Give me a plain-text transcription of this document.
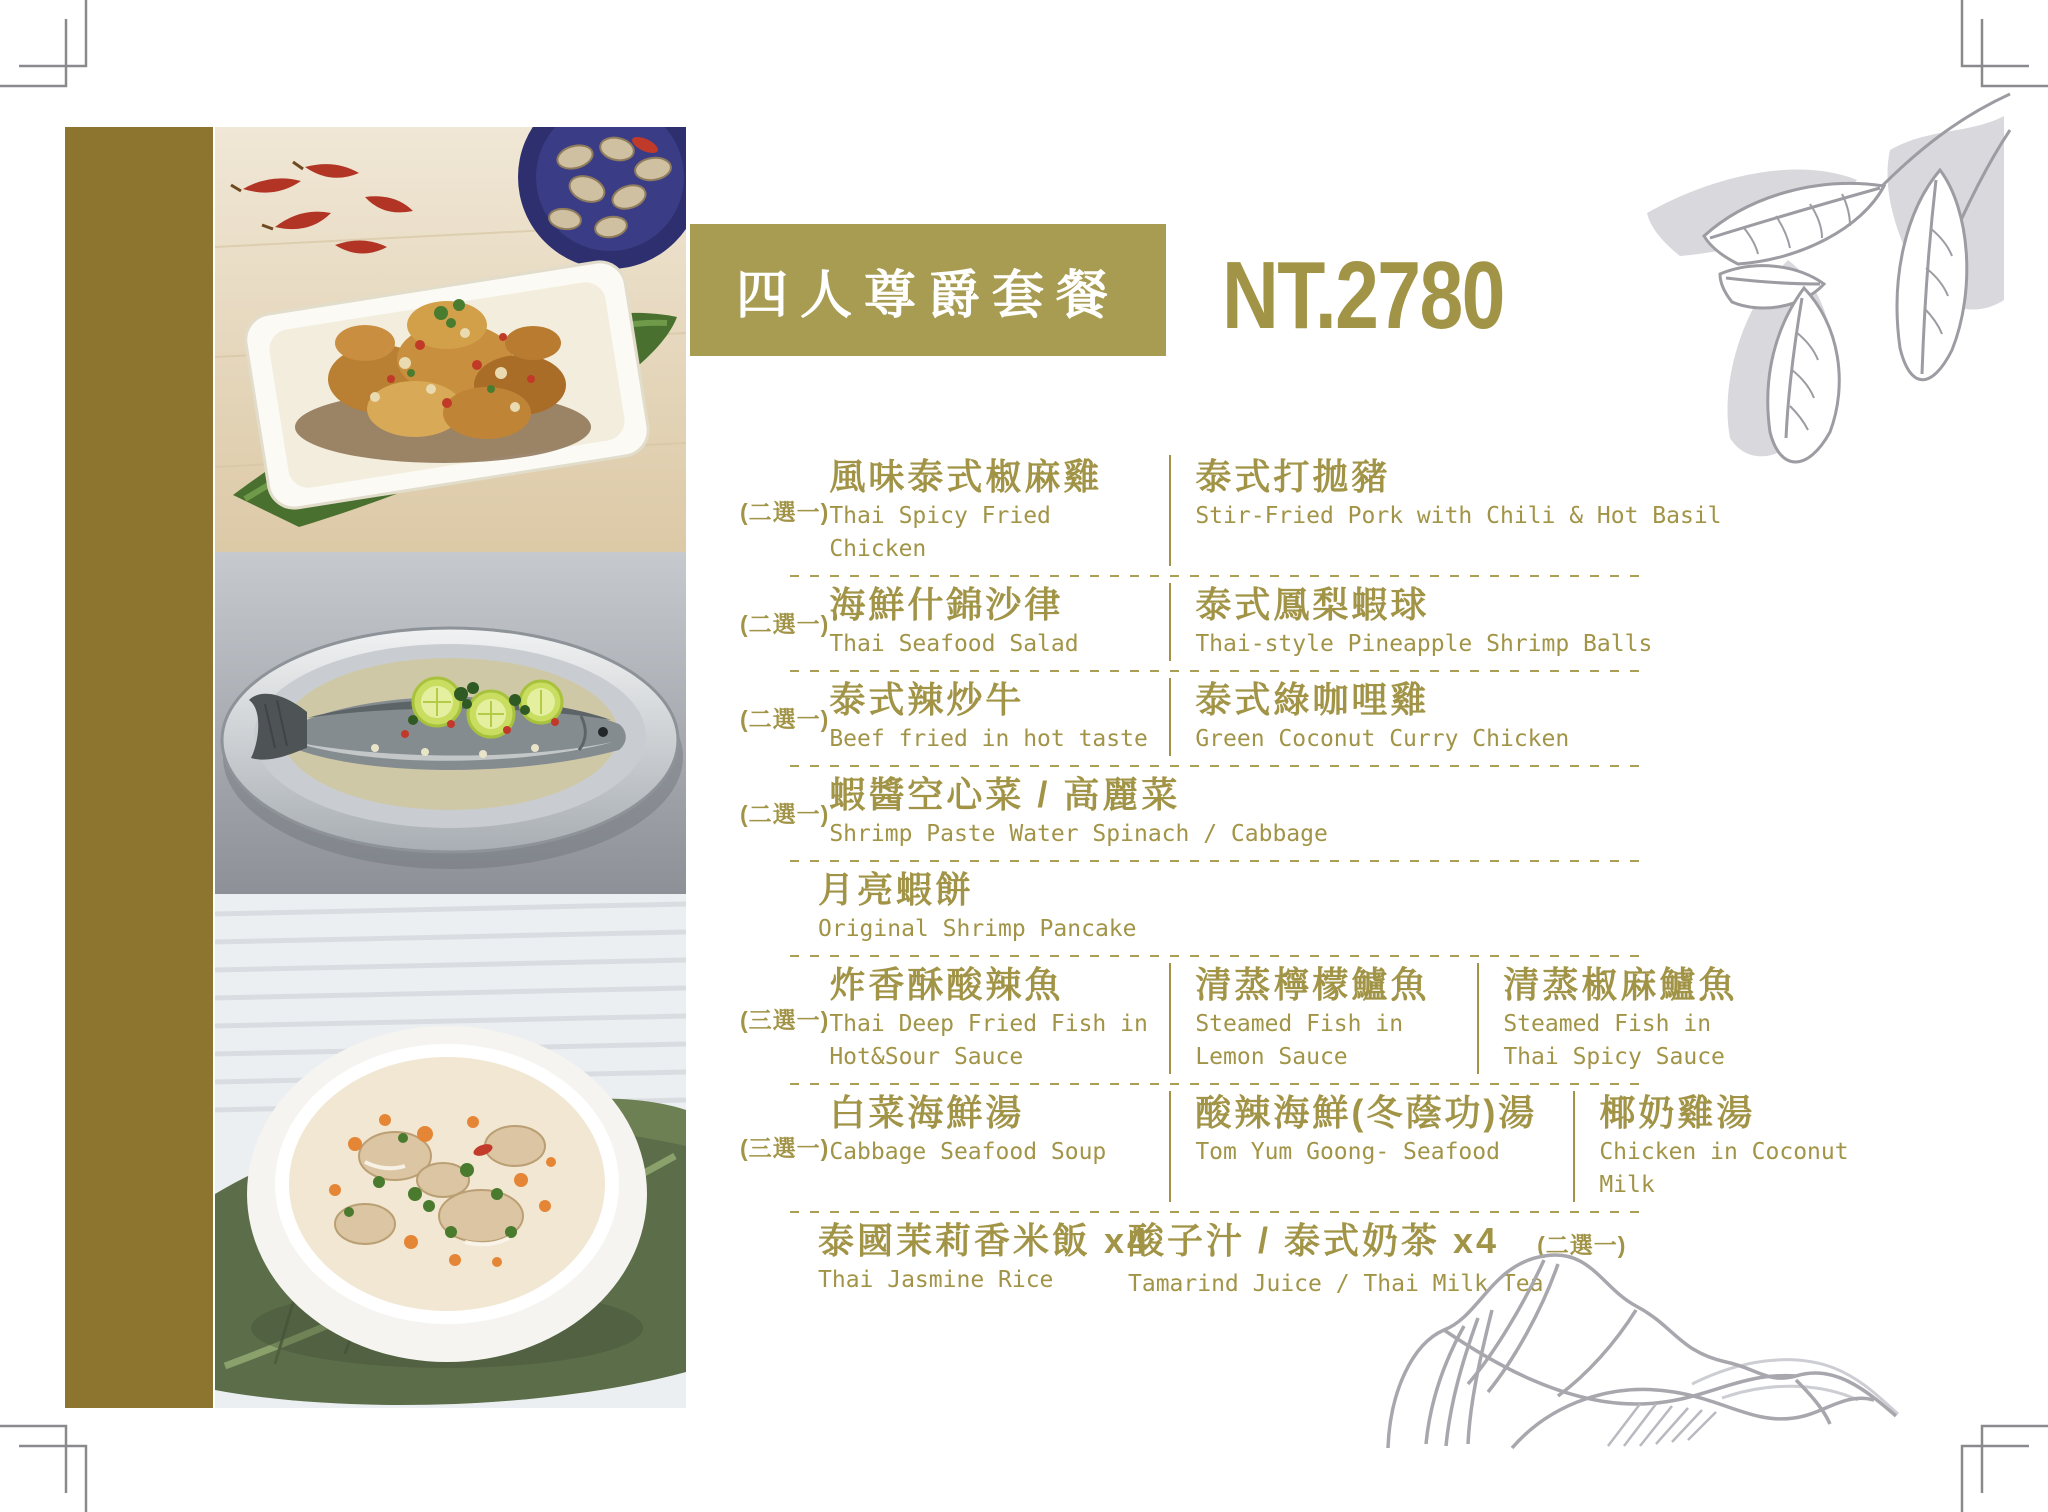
四人尊爵套餐 NT.2780
(二選一)
風味泰式椒麻雞
Thai Spicy Fried Chicken
泰式打拋豬
Stir-Fried Pork with Chili & Hot Basil
(二選一) 海鮮什錦沙律
Thai Seafood Salad
泰式鳳梨蝦球
Thai-style Pineapple Shrimp Balls
(二選一) 泰式辣炒牛
Beef fried in hot taste
泰式綠咖哩雞
Green Coconut Curry Chicken
(二選一) 蝦醬空心菜 / 高麗菜
Shrimp Paste Water Spinach / Cabbage
月亮蝦餅
Original Shrimp Pancake
(三選一)
炸香酥酸辣魚
Thai Deep Fried Fish in Hot&Sour Sauce
清蒸檸檬鱸魚
Steamed Fish in Lemon Sauce
清蒸椒麻鱸魚
Steamed Fish in Thai Spicy Sauce
(三選一)
白菜海鮮湯
Cabbage Seafood Soup
酸辣海鮮(冬蔭功)湯
Tom Yum Goong- Seafood
椰奶雞湯
Chicken in Coconut Milk
泰國茉莉香米飯 x4
Thai Jasmine Rice
酸子汁 / 泰式奶茶 x4 (二選一)
Tamarind Juice / Thai Milk Tea
